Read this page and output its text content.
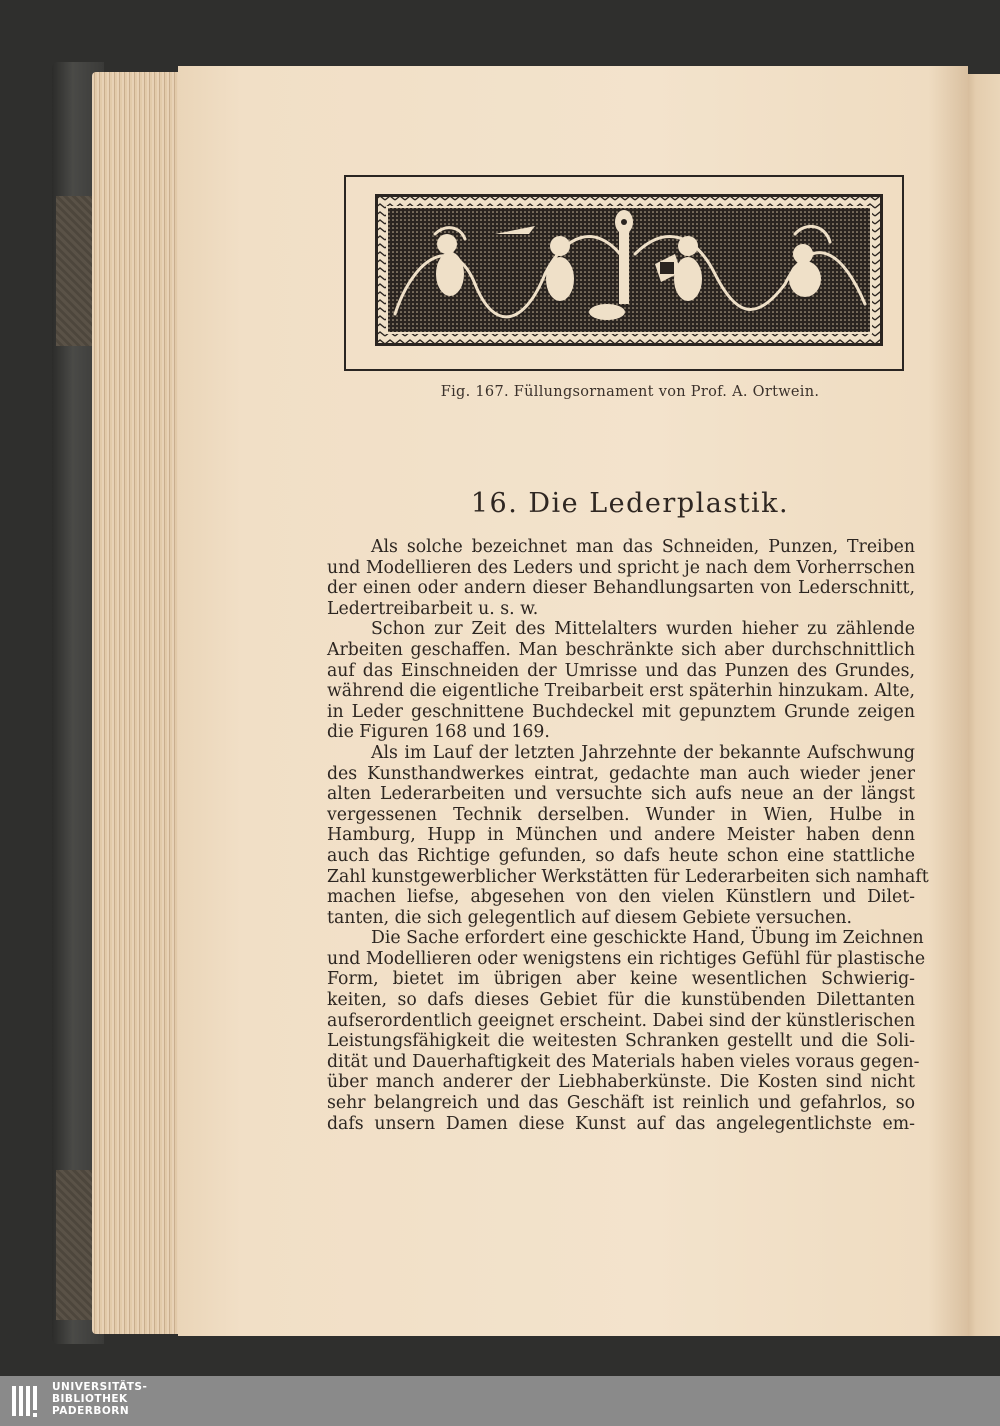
Fig. 167. Füllungsornament von Prof. A. Ortwein.
16. Die Lederplastik.
Als solche bezeichnet man das Schneiden, Punzen, Treiben
und Modellieren des Leders und spricht je nach dem Vorherrschen
der einen oder andern dieser Behandlungsarten von Lederschnitt,
Ledertreibarbeit u. s. w.
Schon zur Zeit des Mittelalters wurden hieher zu zählende
Arbeiten geschaffen. Man beschränkte sich aber durchschnittlich
auf das Einschneiden der Umrisse und das Punzen des Grundes,
während die eigentliche Treibarbeit erst späterhin hinzukam. Alte,
in Leder geschnittene Buchdeckel mit gepunztem Grunde zeigen
die Figuren 168 und 169.
Als im Lauf der letzten Jahrzehnte der bekannte Aufschwung
des Kunsthandwerkes eintrat, gedachte man auch wieder jener
alten Lederarbeiten und versuchte sich aufs neue an der längst
vergessenen Technik derselben. Wunder in Wien, Hulbe in
Hamburg, Hupp in München und andere Meister haben denn
auch das Richtige gefunden, so dafs heute schon eine stattliche
Zahl kunstgewerblicher Werkstätten für Lederarbeiten sich namhaft
machen liefse, abgesehen von den vielen Künstlern und Dilet-
tanten, die sich gelegentlich auf diesem Gebiete versuchen.
Die Sache erfordert eine geschickte Hand, Übung im Zeichnen
und Modellieren oder wenigstens ein richtiges Gefühl für plastische
Form, bietet im übrigen aber keine wesentlichen Schwierig-
keiten, so dafs dieses Gebiet für die kunstübenden Dilettanten
aufserordentlich geeignet erscheint. Dabei sind der künstlerischen
Leistungsfähigkeit die weitesten Schranken gestellt und die Soli-
dität und Dauerhaftigkeit des Materials haben vieles voraus gegen-
über manch anderer der Liebhaberkünste. Die Kosten sind nicht
sehr belangreich und das Geschäft ist reinlich und gefahrlos, so
dafs unsern Damen diese Kunst auf das angelegentlichste em-
UNIVERSITÄTS-
BIBLIOTHEK
PADERBORN
